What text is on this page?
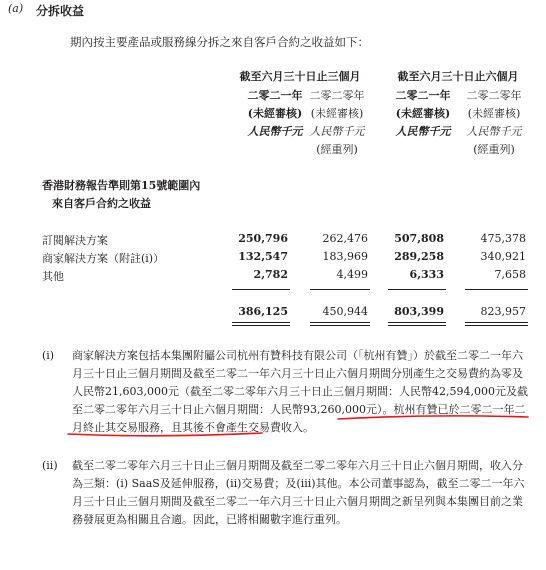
(a) 分拆收益
期內按主要產品或服務線分拆之來自客戶合約之收益如下：
截至六月三十日止三個月	截至六月三十日止六個月
二零二一年 二零二零年	二零二一年	二零二零年
(未經審核) (未經審核)	(未經審核)	(未經審核)
人民幣千元 人民幣千元	人民幣千元	人民幣千元
(經重列)	(經重列)
香港財務報告準則第15號範圍內
來自客戶合約之收益
訂閱解決方案	250,796	262,476	507,808	475,378
商家解決方案（附註(i)）	132,547	183,969	289,258	340,921
其他	2,782	4,499	6,333	7,658
386,125	450,944	803,399	823,957
(i) 商家解決方案包括本集團附屬公司杭州有贊科技有限公司（「杭州有贊」）於截至二零二一年六月三十日止三個月期間及截至二零二一年六月三十日止六個月期間分別產生之交易費約為零及人民幣21,603,000元（截至二零二零年六月三十日止三個月期間：人民幣42,594,000元及截至二零二零年六月三十日止六個月期間：人民幣93,260,000元）。杭州有贊已於二零二一年二月終止其交易服務，且其後不會產生交易費收入。
(ii) 截至二零二零年六月三十日止三個月期間及截至二零二零年六月三十日止六個月期間，收入分為三類：(i) SaaS及延伸服務，(ii)交易費；及(iii)其他。本公司董事認為，截至二零二一年六月三十日止三個月期間及截至二零二一年六月三十日止六個月期間之新呈列與本集團目前之業務發展更為相關且合適。因此，已將相關數字進行重列。
